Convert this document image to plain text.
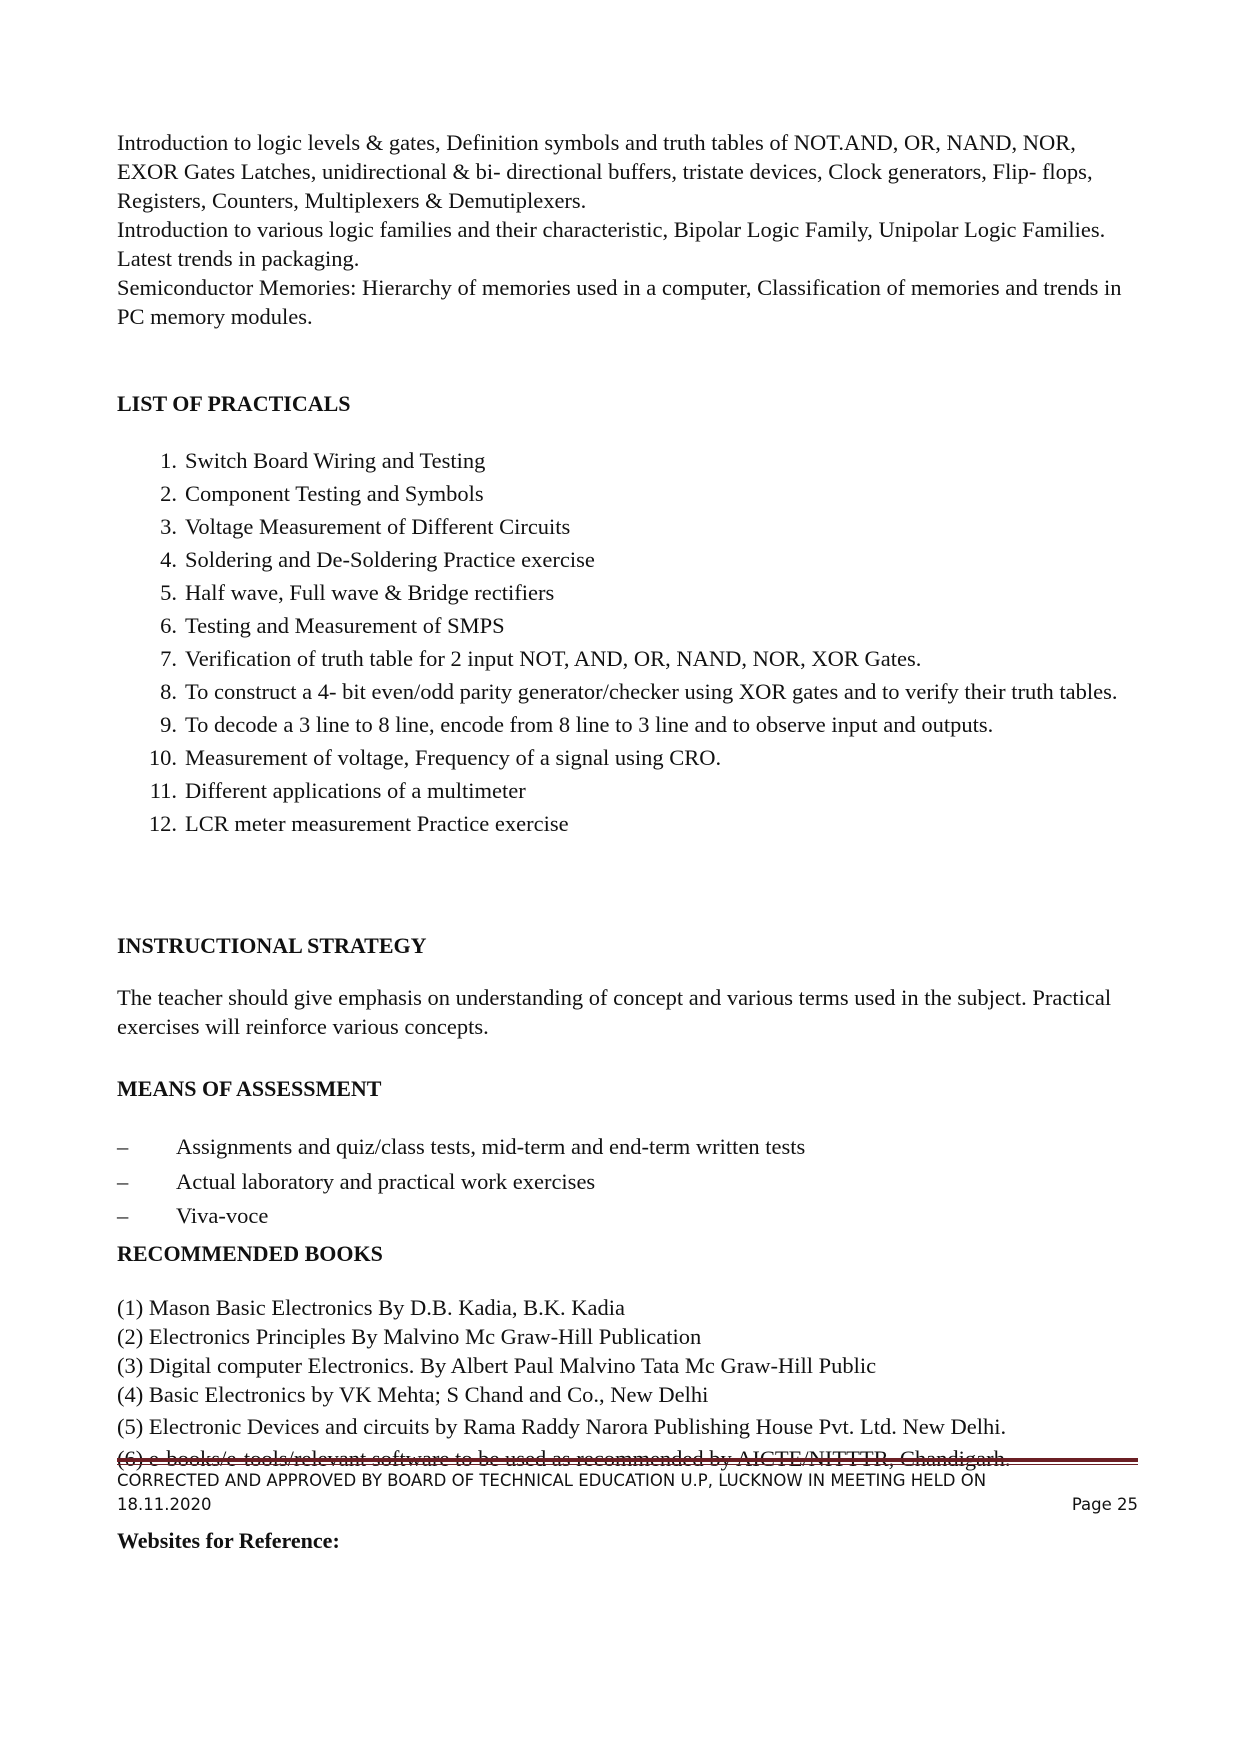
Introduction to logic levels & gates, Definition symbols and truth tables of NOT.AND, OR, NAND, NOR, EXOR Gates Latches, unidirectional & bi- directional buffers, tristate devices, Clock generators, Flip- flops, Registers, Counters, Multiplexers & Demutiplexers.

Introduction to various logic families and their characteristic, Bipolar Logic Family, Unipolar Logic Families. Latest trends in packaging.

Semiconductor Memories: Hierarchy of memories used in a computer, Classification of memories and trends in PC memory modules.

LIST OF PRACTICALS
1. Switch Board Wiring and Testing
2. Component Testing and Symbols
3. Voltage Measurement of Different Circuits
4. Soldering and De-Soldering Practice exercise
5. Half wave, Full wave & Bridge rectifiers
6. Testing and Measurement of SMPS
7. Verification of truth table for 2 input NOT, AND, OR, NAND, NOR, XOR Gates.
8. To construct a 4- bit even/odd parity generator/checker using XOR gates and to verify their truth tables.
9. To decode a 3 line to 8 line, encode from 8 line to 3 line and to observe input and outputs.
10. Measurement of voltage, Frequency of a signal using CRO.
11. Different applications of a multimeter
12. LCR meter measurement Practice exercise
INSTRUCTIONAL STRATEGY

The teacher should give emphasis on understanding of concept and various terms used in the subject. Practical exercises will reinforce various concepts.

MEANS OF ASSESSMENT
–	Assignments and quiz/class tests, mid-term and end-term written tests
–	Actual laboratory and practical work exercises
–	Viva-voce
RECOMMENDED BOOKS
(1) Mason Basic Electronics By D.B. Kadia, B.K. Kadia
(2) Electronics Principles By Malvino Mc Graw-Hill Publication
(3) Digital computer Electronics. By Albert Paul Malvino Tata Mc Graw-Hill Public
(4) Basic Electronics by VK Mehta; S Chand and Co., New Delhi
(5) Electronic Devices and circuits by Rama Raddy Narora Publishing House Pvt. Ltd. New Delhi.
Websites for Reference:
CORRECTED AND APPROVED BY BOARD OF TECHNICAL EDUCATION U.P, LUCKNOW IN MEETING HELD ON
18.11.2020	Page 25
